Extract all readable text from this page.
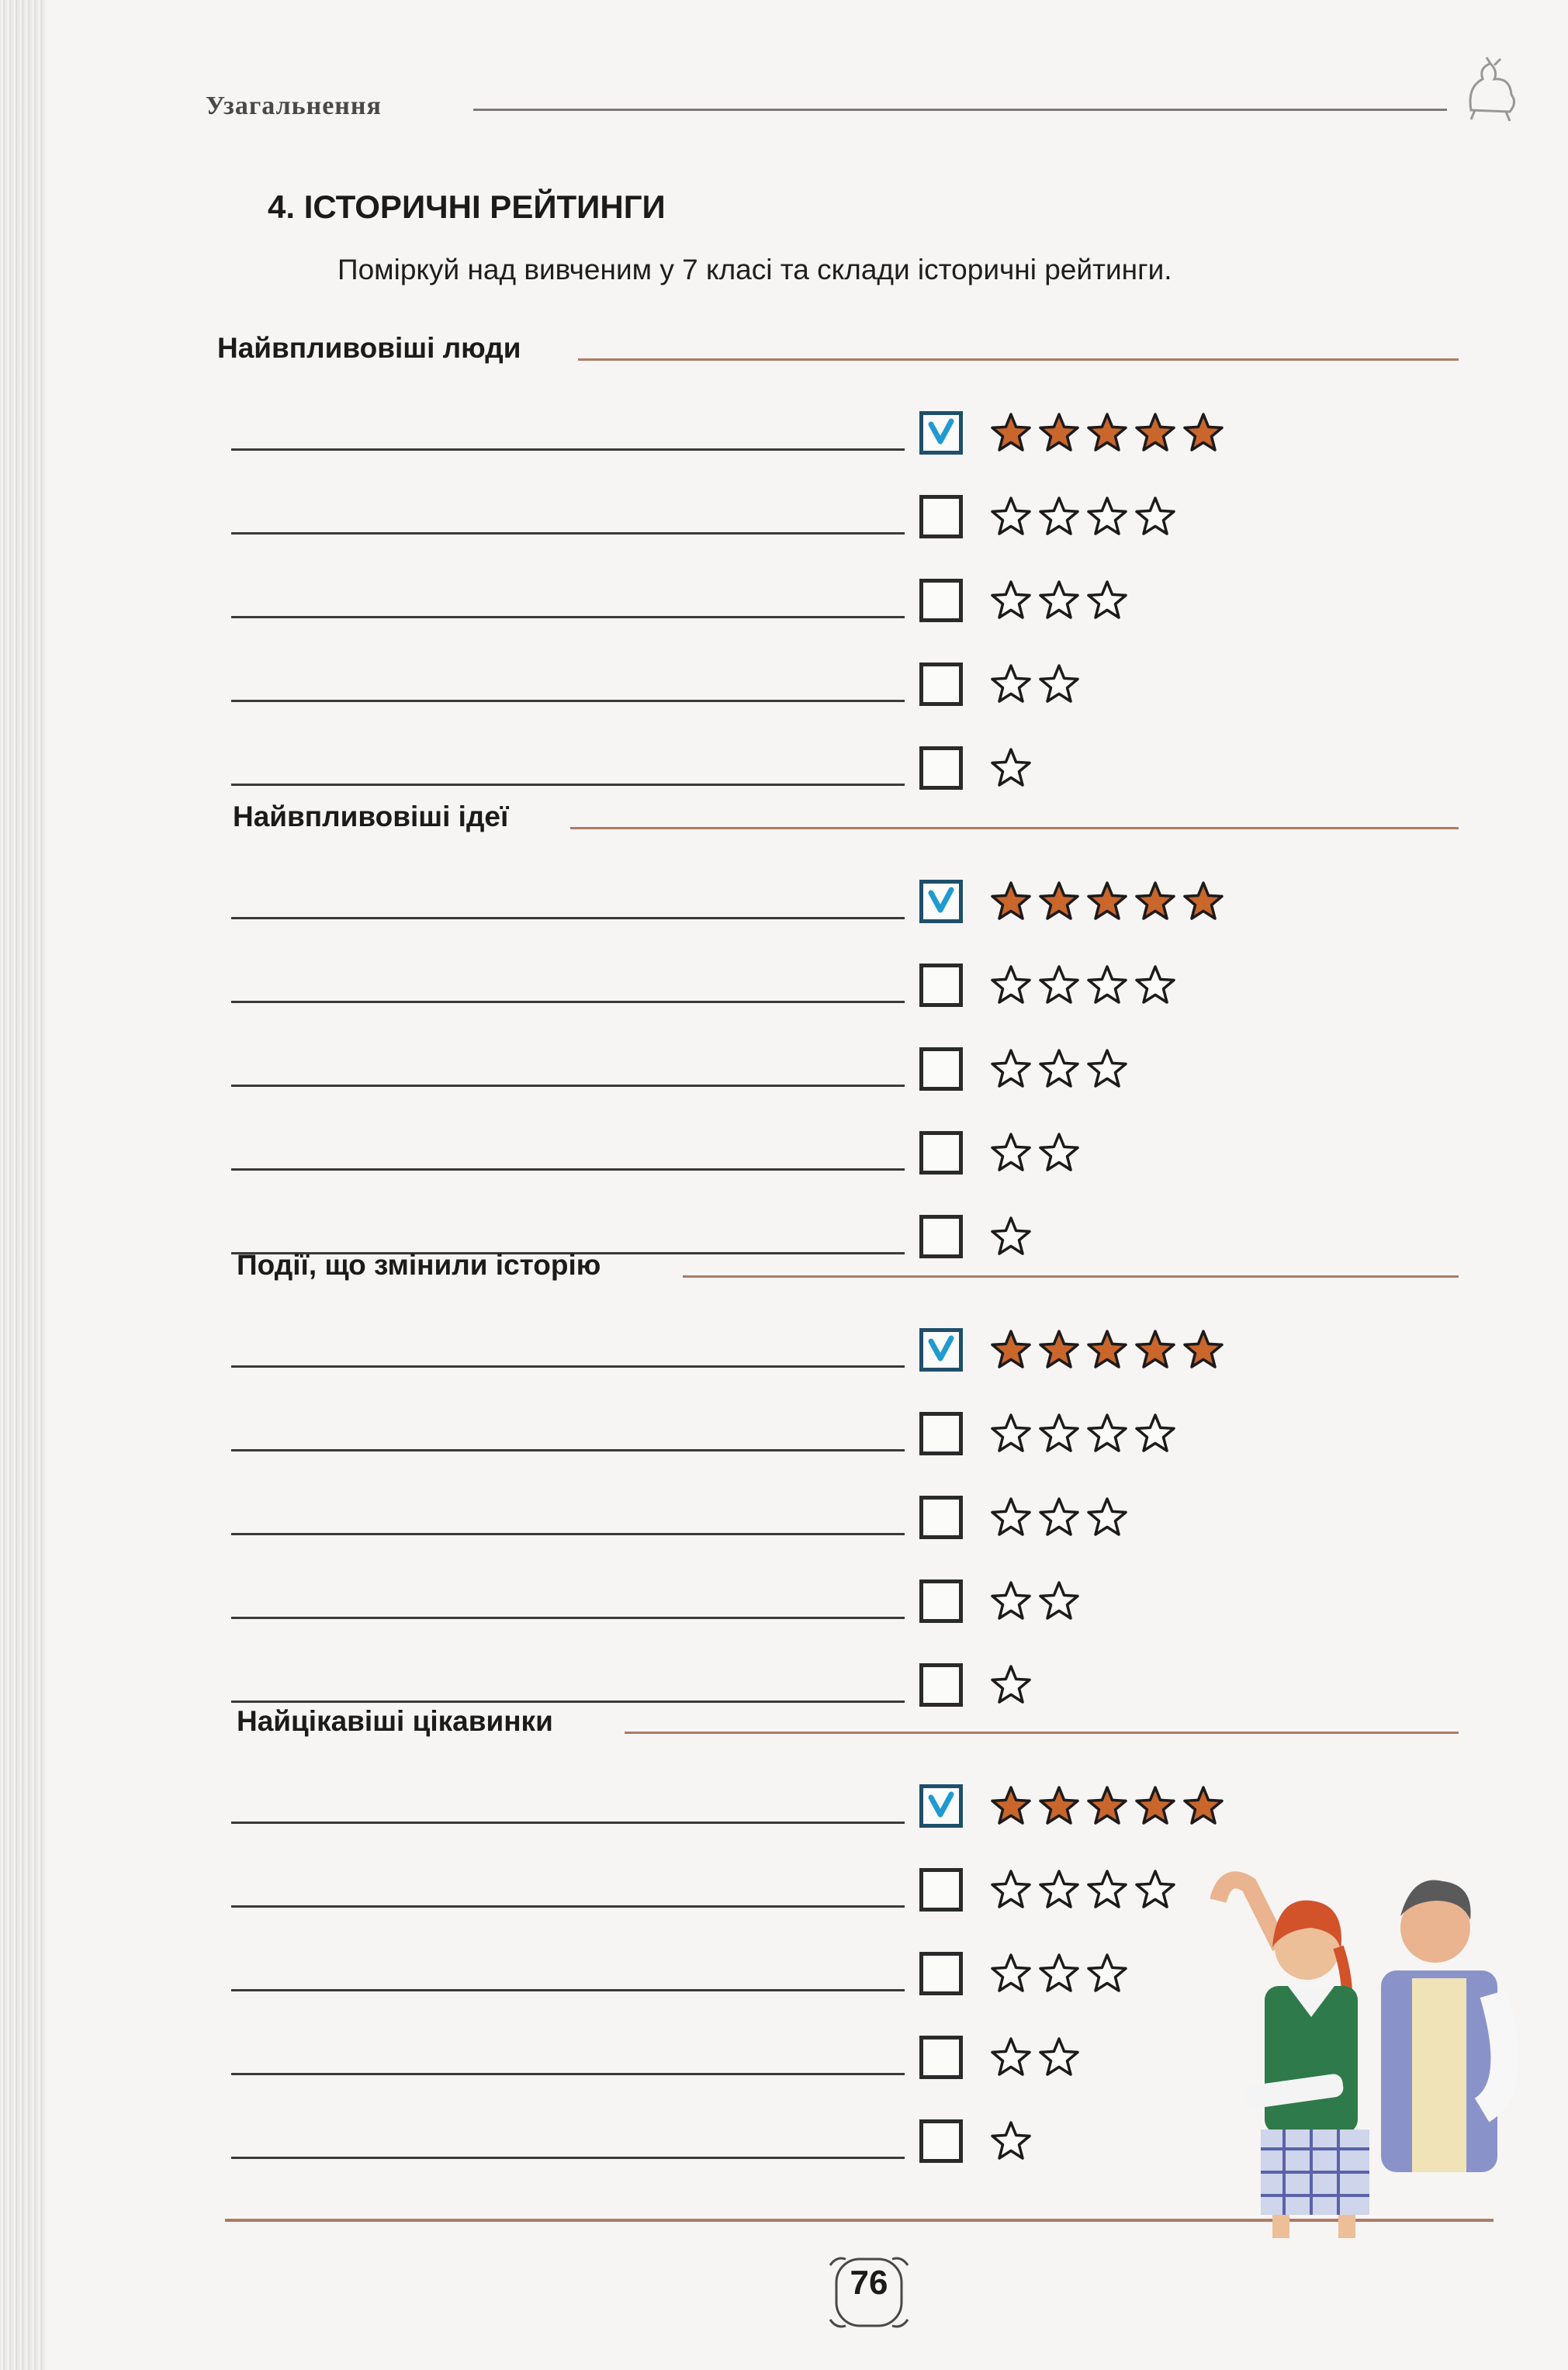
Узагальнення
4. ІСТОРИЧНІ РЕЙТИНГИ
Поміркуй над вивченим у 7 класі та склади історичні рейтинги.
Найвпливовіші люди
Найвпливовіші ідеї
Події, що змінили історію
Найцікавіші цікавинки
76
